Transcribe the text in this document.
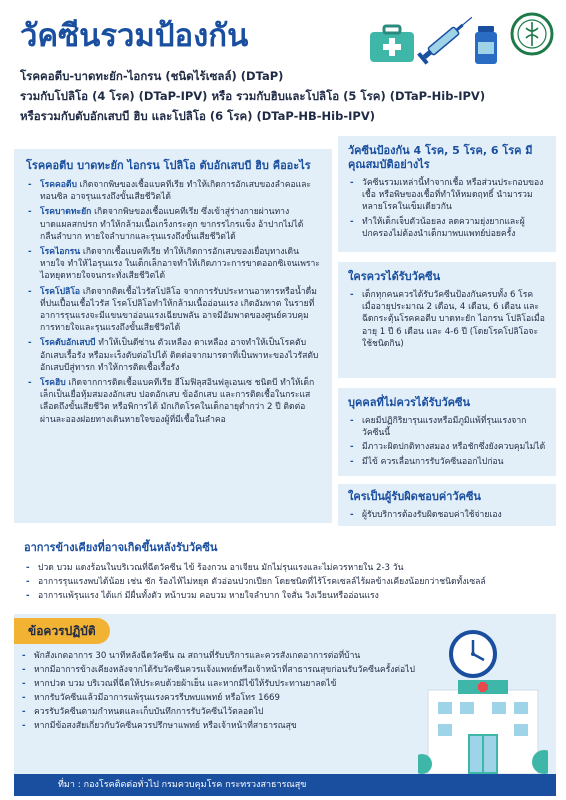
วัคซีนรวมป้องกัน
โรคคอตีบ-บาดทะยัก-ไอกรน (ชนิดไร้เซลล์) (DTaP)
รวมกับโปลิโอ (4 โรค) (DTaP-IPV) หรือ รวมกับฮิบและโปลิโอ (5 โรค) (DTaP-Hib-IPV)
หรือรวมกับตับอักเสบบี ฮิบ และโปลิโอ (6 โรค) (DTaP-HB-Hib-IPV)
โรคคอตีบ บาดทะยัก ไอกรน โปลิโอ ตับอักเสบบี ฮิบ คืออะไร
- โรคคอตีบ เกิดจากพิษของเชื้อแบคทีเรีย ทำให้เกิดการอักเสบของลำคอและทอนซิล อาจรุนแรงถึงขั้นเสียชีวิตได้
- โรคบาดทะยัก เกิดจากพิษของเชื้อแบคทีเรีย ซึ่งเข้าสู่ร่างกายผ่านทางบาดแผลสกปรก ทำให้กล้ามเนื้อเกร็งกระตุก ขากรรไกรแข็ง อ้าปากไม่ได้ กลืนลำบาก หายใจลำบากและรุนแรงถึงขั้นเสียชีวิตได้
- โรคไอกรน เกิดจากเชื้อแบคทีเรีย ทำให้เกิดการอักเสบของเยื่อบุทางเดินหายใจ ทำให้ไอรุนแรง ในเด็กเล็กอาจทำให้เกิดภาวะการขาดออกซิเจนเพราะไอหยุดหายใจจนกระทั่งเสียชีวิตได้
- โรคโปลิโอ เกิดจากติดเชื้อไวรัสโปลิโอ จากการรับประทานอาหารหรือน้ำดื่มที่ปนเปื้อนเชื้อไวรัส โรคโปลิโอทำให้กล้ามเนื้ออ่อนแรง เกิดอัมพาต ในรายที่อาการรุนแรงจะมีแขนขาอ่อนแรงเฉียบพลัน อาจมีอัมพาตของศูนย์ควบคุมการหายใจและรุนแรงถึงขั้นเสียชีวิตได้
- โรคตับอักเสบบี ทำให้เป็นดีซ่าน ตัวเหลือง ตาเหลือง อาจทำให้เป็นโรคตับอักเสบเรื้อรัง หรือมะเร็งตับต่อไปได้ ติดต่อจากมารดาที่เป็นพาหะของไวรัสตับอักเสบบีสู่ทารก ทำให้การติดเชื้อเรื้อรัง
- โรคฮิบ เกิดจากการติดเชื้อแบคทีเรีย ฮีโมฟิลุสอินฟลูเอนเซ ชนิดบี ทำให้เด็กเล็กเป็นเยื่อหุ้มสมองอักเสบ ปอดอักเสบ ข้ออักเสบ และการติดเชื้อในกระแสเลือดถึงขั้นเสียชีวิต หรือพิการได้ มักเกิดโรคในเด็กอายุต่ำกว่า 2 ปี ติดต่อผ่านละอองฝอยทางเดินหายใจของผู้ที่มีเชื้อในลำคอ
วัคซีนป้องกัน 4 โรค, 5 โรค, 6 โรค มีคุณสมบัติอย่างไร
- วัคซีนรวมเหล่านี้ทำจากเชื้อ หรือส่วนประกอบของเชื้อ หรือพิษของเชื้อที่ทำให้หมดฤทธิ์ นำมารวมหลายโรคในเข็มเดียวกัน
- ทำให้เด็กเจ็บตัวน้อยลง ลดความยุ่งยากและผู้ปกครองไม่ต้องนำเด็กมาพบแพทย์บ่อยครั้ง
ใครควรได้รับวัคซีน
- เด็กทุกคนควรได้รับวัคซีนป้องกันครบทั้ง 6 โรค เมื่ออายุประมาณ 2 เดือน, 4 เดือน, 6 เดือน และฉีดกระตุ้นโรคคอตีบ บาดทะยัก ไอกรน โปลิโอเมื่ออายุ 1 ปี 6 เดือน และ 4-6 ปี (โดยโรคโปลิโอจะใช้ชนิดกิน)
บุคคลที่ไม่ควรได้รับวัคซีน
- เคยมีปฏิกิริยารุนแรงหรือมีภูมิแพ้ที่รุนแรงจากวัคซีนนี้
- มีภาวะผิดปกติทางสมอง หรือชักซึ่งยังควบคุมไม่ได้
- มีไข้ ควรเลื่อนการรับวัคซีนออกไปก่อน
ใครเป็นผู้รับผิดชอบค่าวัคซีน
- ผู้รับบริการต้องรับผิดชอบค่าใช้จ่ายเอง
อาการข้างเคียงที่อาจเกิดขึ้นหลังรับวัคซีน
- ปวด บวม แดงร้อนในบริเวณที่ฉีดวัคซีน ไข้ ร้องกวน อาเจียน มักไม่รุนแรงและไม่ควรหายใน 2-3 วัน
- อาการรุนแรงพบได้น้อย เช่น ชัก ร้องไห้ไม่หยุด ตัวอ่อนปวกเปียก โดยชนิดที่ไร้โรคเซลล์ไร้ผลข้างเคียงน้อยกว่าชนิดทั้งเซลล์
- อาการแพ้รุนแรง ได้แก่ มีผื่นทั้งตัว หน้าบวม คอบวม หายใจลำบาก ใจสั่น วิงเวียนหรืออ่อนแรง
ข้อควรปฏิบัติ
- พักสังเกตอาการ 30 นาทีหลังฉีดวัคซีน ณ สถานที่รับบริการและควรสังเกตอาการต่อที่บ้าน
- หากมีอาการข้างเคียงหลังจากได้รับวัคซีนควรแจ้งแพทย์หรือเจ้าหน้าที่สาธารณสุขก่อนรับวัคซีนครั้งต่อไป
- หากปวด บวม บริเวณที่ฉีดให้ประคบด้วยผ้าเย็น และหากมีไข้ให้รับประทานยาลดไข้
- หากรับวัคซีนแล้วมีอาการแพ้รุนแรงควรรีบพบแพทย์ หรือโทร 1669
- ควรรับวัคซีนตามกำหนดและเก็บบันทึกการรับวัคซีนไว้ตลอดไป
- หากมีข้อสงสัยเกี่ยวกับวัคซีนควรปรึกษาแพทย์ หรือเจ้าหน้าที่สาธารณสุข
ที่มา : กองโรคติดต่อทั่วไป กรมควบคุมโรค กระทรวงสาธารณสุข
